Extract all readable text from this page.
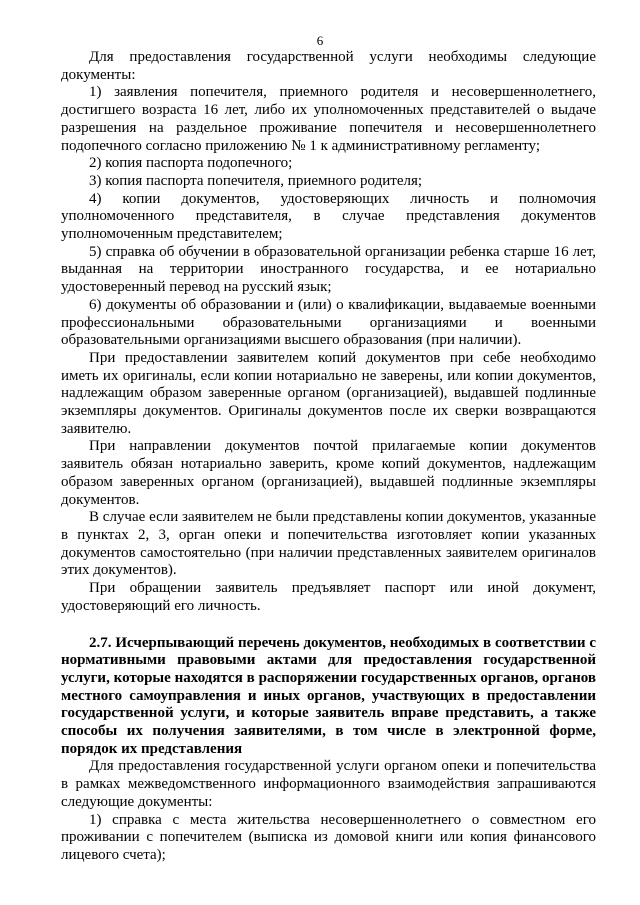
6

Для предоставления государственной услуги необходимы следующие документы:

1) заявления попечителя, приемного родителя и несовершеннолетнего, достигшего возраста 16 лет, либо их уполномоченных представителей о выдаче разрешения на раздельное проживание попечителя и несовершеннолетнего подопечного согласно приложению № 1 к административному регламенту;

2) копия паспорта подопечного;

3) копия паспорта попечителя, приемного родителя;

4) копии документов, удостоверяющих личность и полномочия уполномоченного представителя, в случае представления документов уполномоченным представителем;

5) справка об обучении в образовательной организации ребенка старше 16 лет, выданная на территории иностранного государства, и ее нотариально удостоверенный перевод на русский язык;

6) документы об образовании и (или) о квалификации, выдаваемые военными профессиональными образовательными организациями и военными образовательными организациями высшего образования (при наличии).

При предоставлении заявителем копий документов при себе необходимо иметь их оригиналы, если копии нотариально не заверены, или копии документов, надлежащим образом заверенные органом (организацией), выдавшей подлинные экземпляры документов. Оригиналы документов после их сверки возвращаются заявителю.

При направлении документов почтой прилагаемые копии документов заявитель обязан нотариально заверить, кроме копий документов, надлежащим образом заверенных органом (организацией), выдавшей подлинные экземпляры документов.

В случае если заявителем не были представлены копии документов, указанные в пунктах 2, 3, орган опеки и попечительства изготовляет копии указанных документов самостоятельно (при наличии представленных заявителем оригиналов этих документов).

При обращении заявитель предъявляет паспорт или иной документ, удостоверяющий его личность.

2.7. Исчерпывающий перечень документов, необходимых в соответствии с нормативными правовыми актами для предоставления государственной услуги, которые находятся в распоряжении государственных органов, органов местного самоуправления и иных органов, участвующих в предоставлении государственной услуги, и которые заявитель вправе представить, а также способы их получения заявителями, в том числе в электронной форме, порядок их представления

Для предоставления государственной услуги органом опеки и попечительства в рамках межведомственного информационного взаимодействия запрашиваются следующие документы:

1) справка с места жительства несовершеннолетнего о совместном его проживании с попечителем (выписка из домовой книги или копия финансового лицевого счета);
